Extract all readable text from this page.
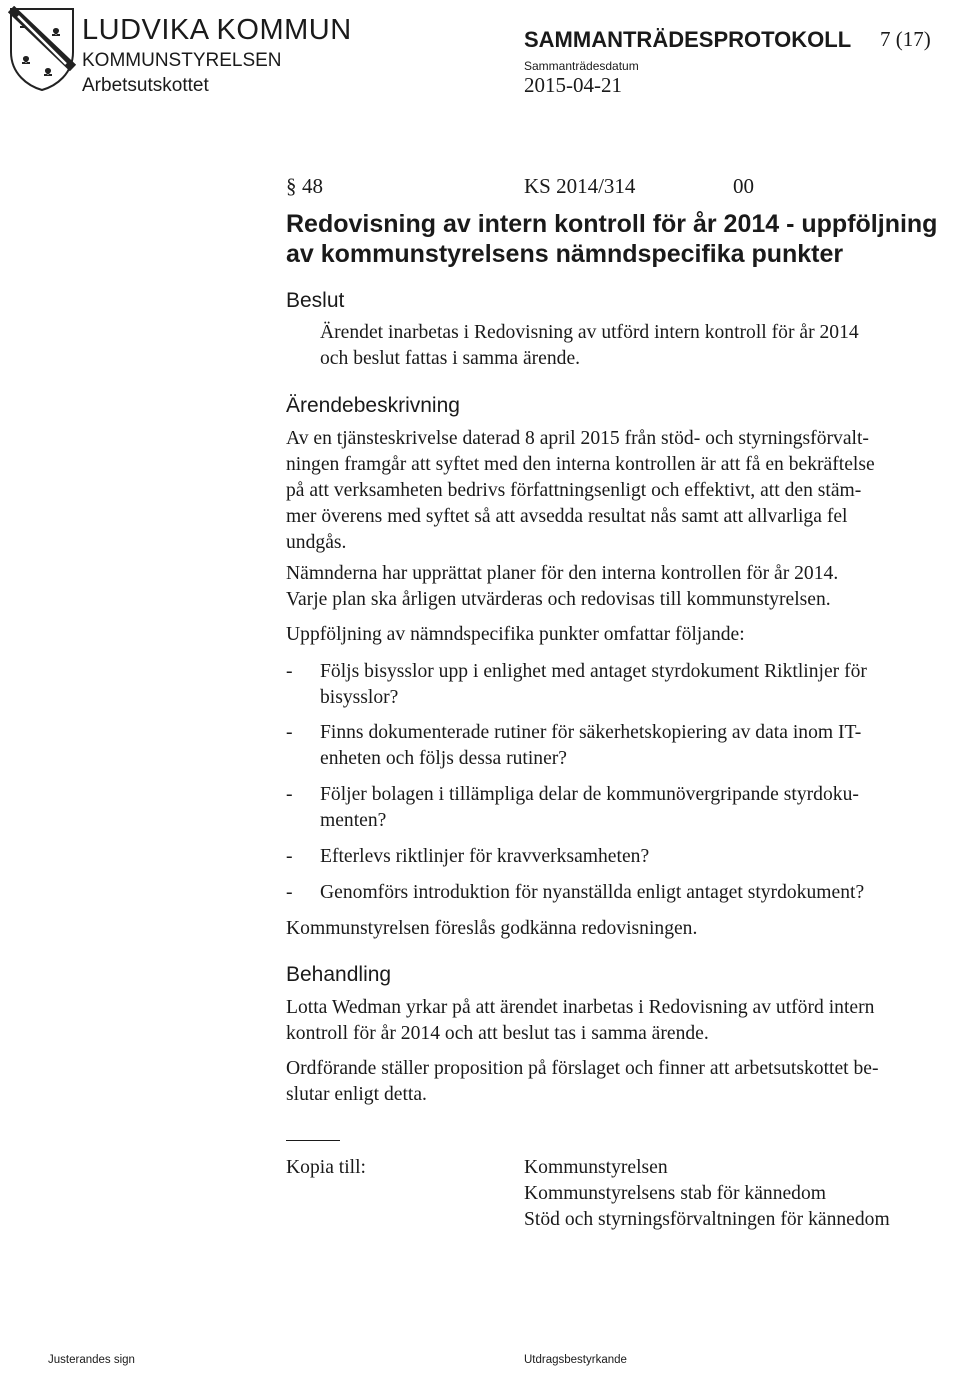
LUDVIKA KOMMUN
KOMMUNSTYRELSEN
Arbetsutskottet
SAMMANTRÄDESPROTOKOLL 7 (17)
Sammanträdesdatum
2015-04-21
§ 48	KS 2014/314	00
Redovisning av intern kontroll för år 2014 - uppföljning
av kommunstyrelsens nämndspecifika punkter
Beslut

Ärendet inarbetas i Redovisning av utförd intern kontroll för år 2014
och beslut fattas i samma ärende.

Ärendebeskrivning

Av en tjänsteskrivelse daterad 8 april 2015 från stöd- och styrningsförvalt-
ningen framgår att syftet med den interna kontrollen är att få en bekräftelse
på att verksamheten bedrivs författningsenligt och effektivt, att den stäm-
mer överens med syftet så att avsedda resultat nås samt att allvarliga fel
undgås.

Nämnderna har upprättat planer för den interna kontrollen för år 2014.
Varje plan ska årligen utvärderas och redovisas till kommunstyrelsen.

Uppföljning av nämndspecifika punkter omfattar följande:

- Följs bisysslor upp i enlighet med antaget styrdokument Riktlinjer för
bisysslor?

- Finns dokumenterade rutiner för säkerhetskopiering av data inom IT-
enheten och följs dessa rutiner?

- Följer bolagen i tillämpliga delar de kommunövergripande styrdoku-
menten?

- Efterlevs riktlinjer för kravverksamheten?

- Genomförs introduktion för nyanställda enligt antaget styrdokument?

Kommunstyrelsen föreslås godkänna redovisningen.

Behandling

Lotta Wedman yrkar på att ärendet inarbetas i Redovisning av utförd intern
kontroll för år 2014 och att beslut tas i samma ärende.

Ordförande ställer proposition på förslaget och finner att arbetsutskottet be-
slutar enligt detta.

Kopia till:	Kommunstyrelsen
Kommunstyrelsens stab för kännedom
Stöd och styrningsförvaltningen för kännedom

Justerandes sign	Utdragsbestyrkande
